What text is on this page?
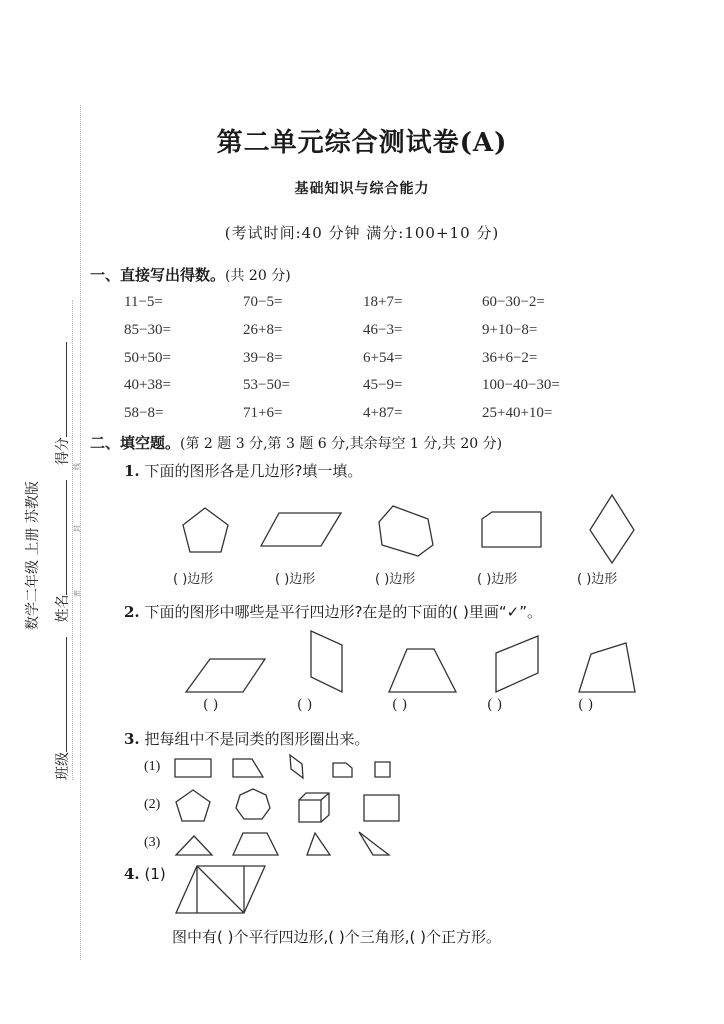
数学二年级 上册 苏教版
班级 姓名 得分
密
封
线
第二单元综合测试卷(A)
基础知识与综合能力
(考试时间:40 分钟 满分:100+10 分)
一、直接写出得数。(共 20 分)
11−5=	70−5=	18+7=	60−30−2=
85−30=	26+8=	46−3=	9+10−8=
50+50=	39−8=	6+54=	36+6−2=
40+38=	53−50=	45−9=	100−40−30=
58−8=	71+6=	4+87=	25+40+10=
二、填空题。(第 2 题 3 分,第 3 题 6 分,其余每空 1 分,共 20 分)
1. 下面的图形各是几边形?填一填。
( )边形	( )边形	( )边形	( )边形	( )边形
2. 下面的图形中哪些是平行四边形?在是的下面的( )里画“✓”。
( )	( )	( )	( )	( )
3. 把每组中不是同类的图形圈出来。
(1)
(2)
(3)
4. (1)
图中有( )个平行四边形,( )个三角形,( )个正方形。
